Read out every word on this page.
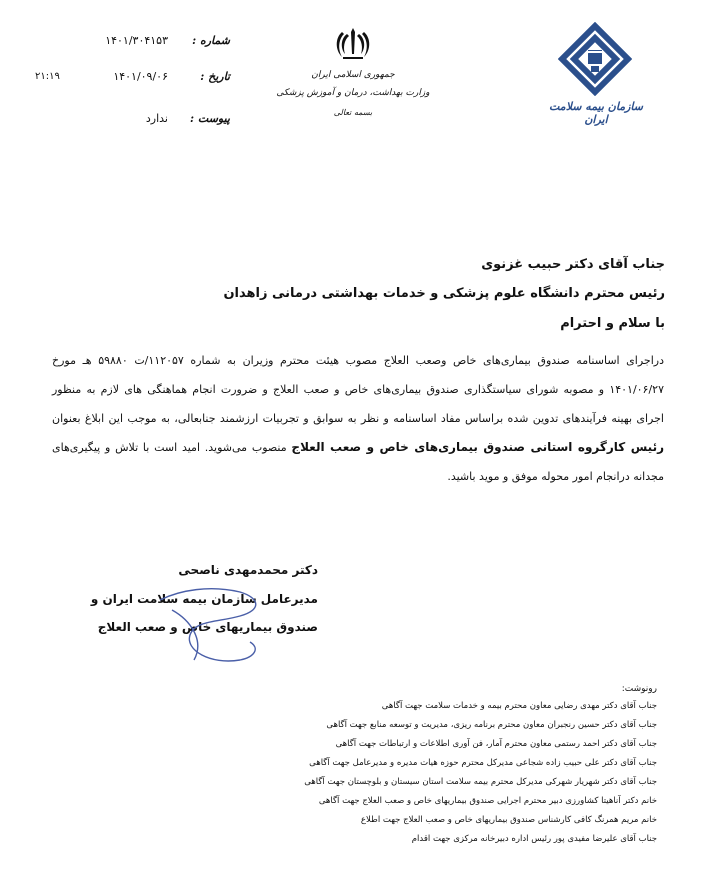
۱۴۰۱/۳۰۴۱۵۳ شماره :
۲۱:۱۹	۱۴۰۱/۰۹/۰۶	تاریخ :
ندارد پیوست :
جمهوری اسلامی ایران
وزارت بهداشت، درمان و آموزش پزشکی
بسمه تعالی	سازمان بیمه سلامت ایران
جناب آقای دکتر حبیب غزنوی
رئیس محترم دانشگاه علوم پزشکی و خدمات بهداشتی درمانی زاهدان
با سلام و احترام
دراجرای اساسنامه صندوق بیماری‌های خاص وصعب العلاج مصوب هیئت محترم وزیران به شماره ۱۱۲۰۵۷/ت ۵۹۸۸۰ هـ مورخ ۱۴۰۱/۰۶/۲۷ و مصوبه شورای سیاستگذاری صندوق بیماری‌های خاص و صعب العلاج و ضرورت انجام هماهنگی های لازم به منظور اجرای بهینه فرآیندهای تدوین شده براساس مفاد اساسنامه و نظر به سوابق و تجربیات ارزشمند جنابعالی، به موجب این ابلاغ بعنوان رئیس کارگروه استانی صندوق بیماری‌های خاص و صعب العلاج منصوب می‌شوید. امید است با تلاش و پیگیری‌های مجدانه درانجام امور محوله موفق و موید باشید.
دکتر محمدمهدی ناصحی
مدیرعامل سازمان بیمه سلامت ایران و
صندوق بیماریهای خاص و صعب العلاج
رونوشت:
جناب آقای دکتر مهدی رضایی معاون محترم بیمه و خدمات سلامت جهت آگاهی
جناب آقای دکتر حسین رنجبران معاون محترم برنامه ریزی، مدیریت و توسعه منابع جهت آگاهی
جناب آقای دکتر احمد رستمی معاون محترم آمار، فن آوری اطلاعات و ارتباطات جهت آگاهی
جناب آقای دکتر علی حبیب زاده شجاعی مدیرکل محترم حوزه هیات مدیره و مدیرعامل جهت آگاهی
جناب آقای دکتر شهریار شهرکی مدیرکل محترم بیمه سلامت استان سیستان و بلوچستان جهت آگاهی
خانم دکتر آناهیتا کشاورزی دبیر محترم اجرایی صندوق بیماریهای خاص و صعب العلاج جهت آگاهی
خانم مریم همرنگ کافی کارشناس صندوق بیماریهای خاص و صعب العلاج جهت اطلاع
جناب آقای علیرضا مفیدی پور رئیس اداره دبیرخانه مرکزی جهت اقدام
